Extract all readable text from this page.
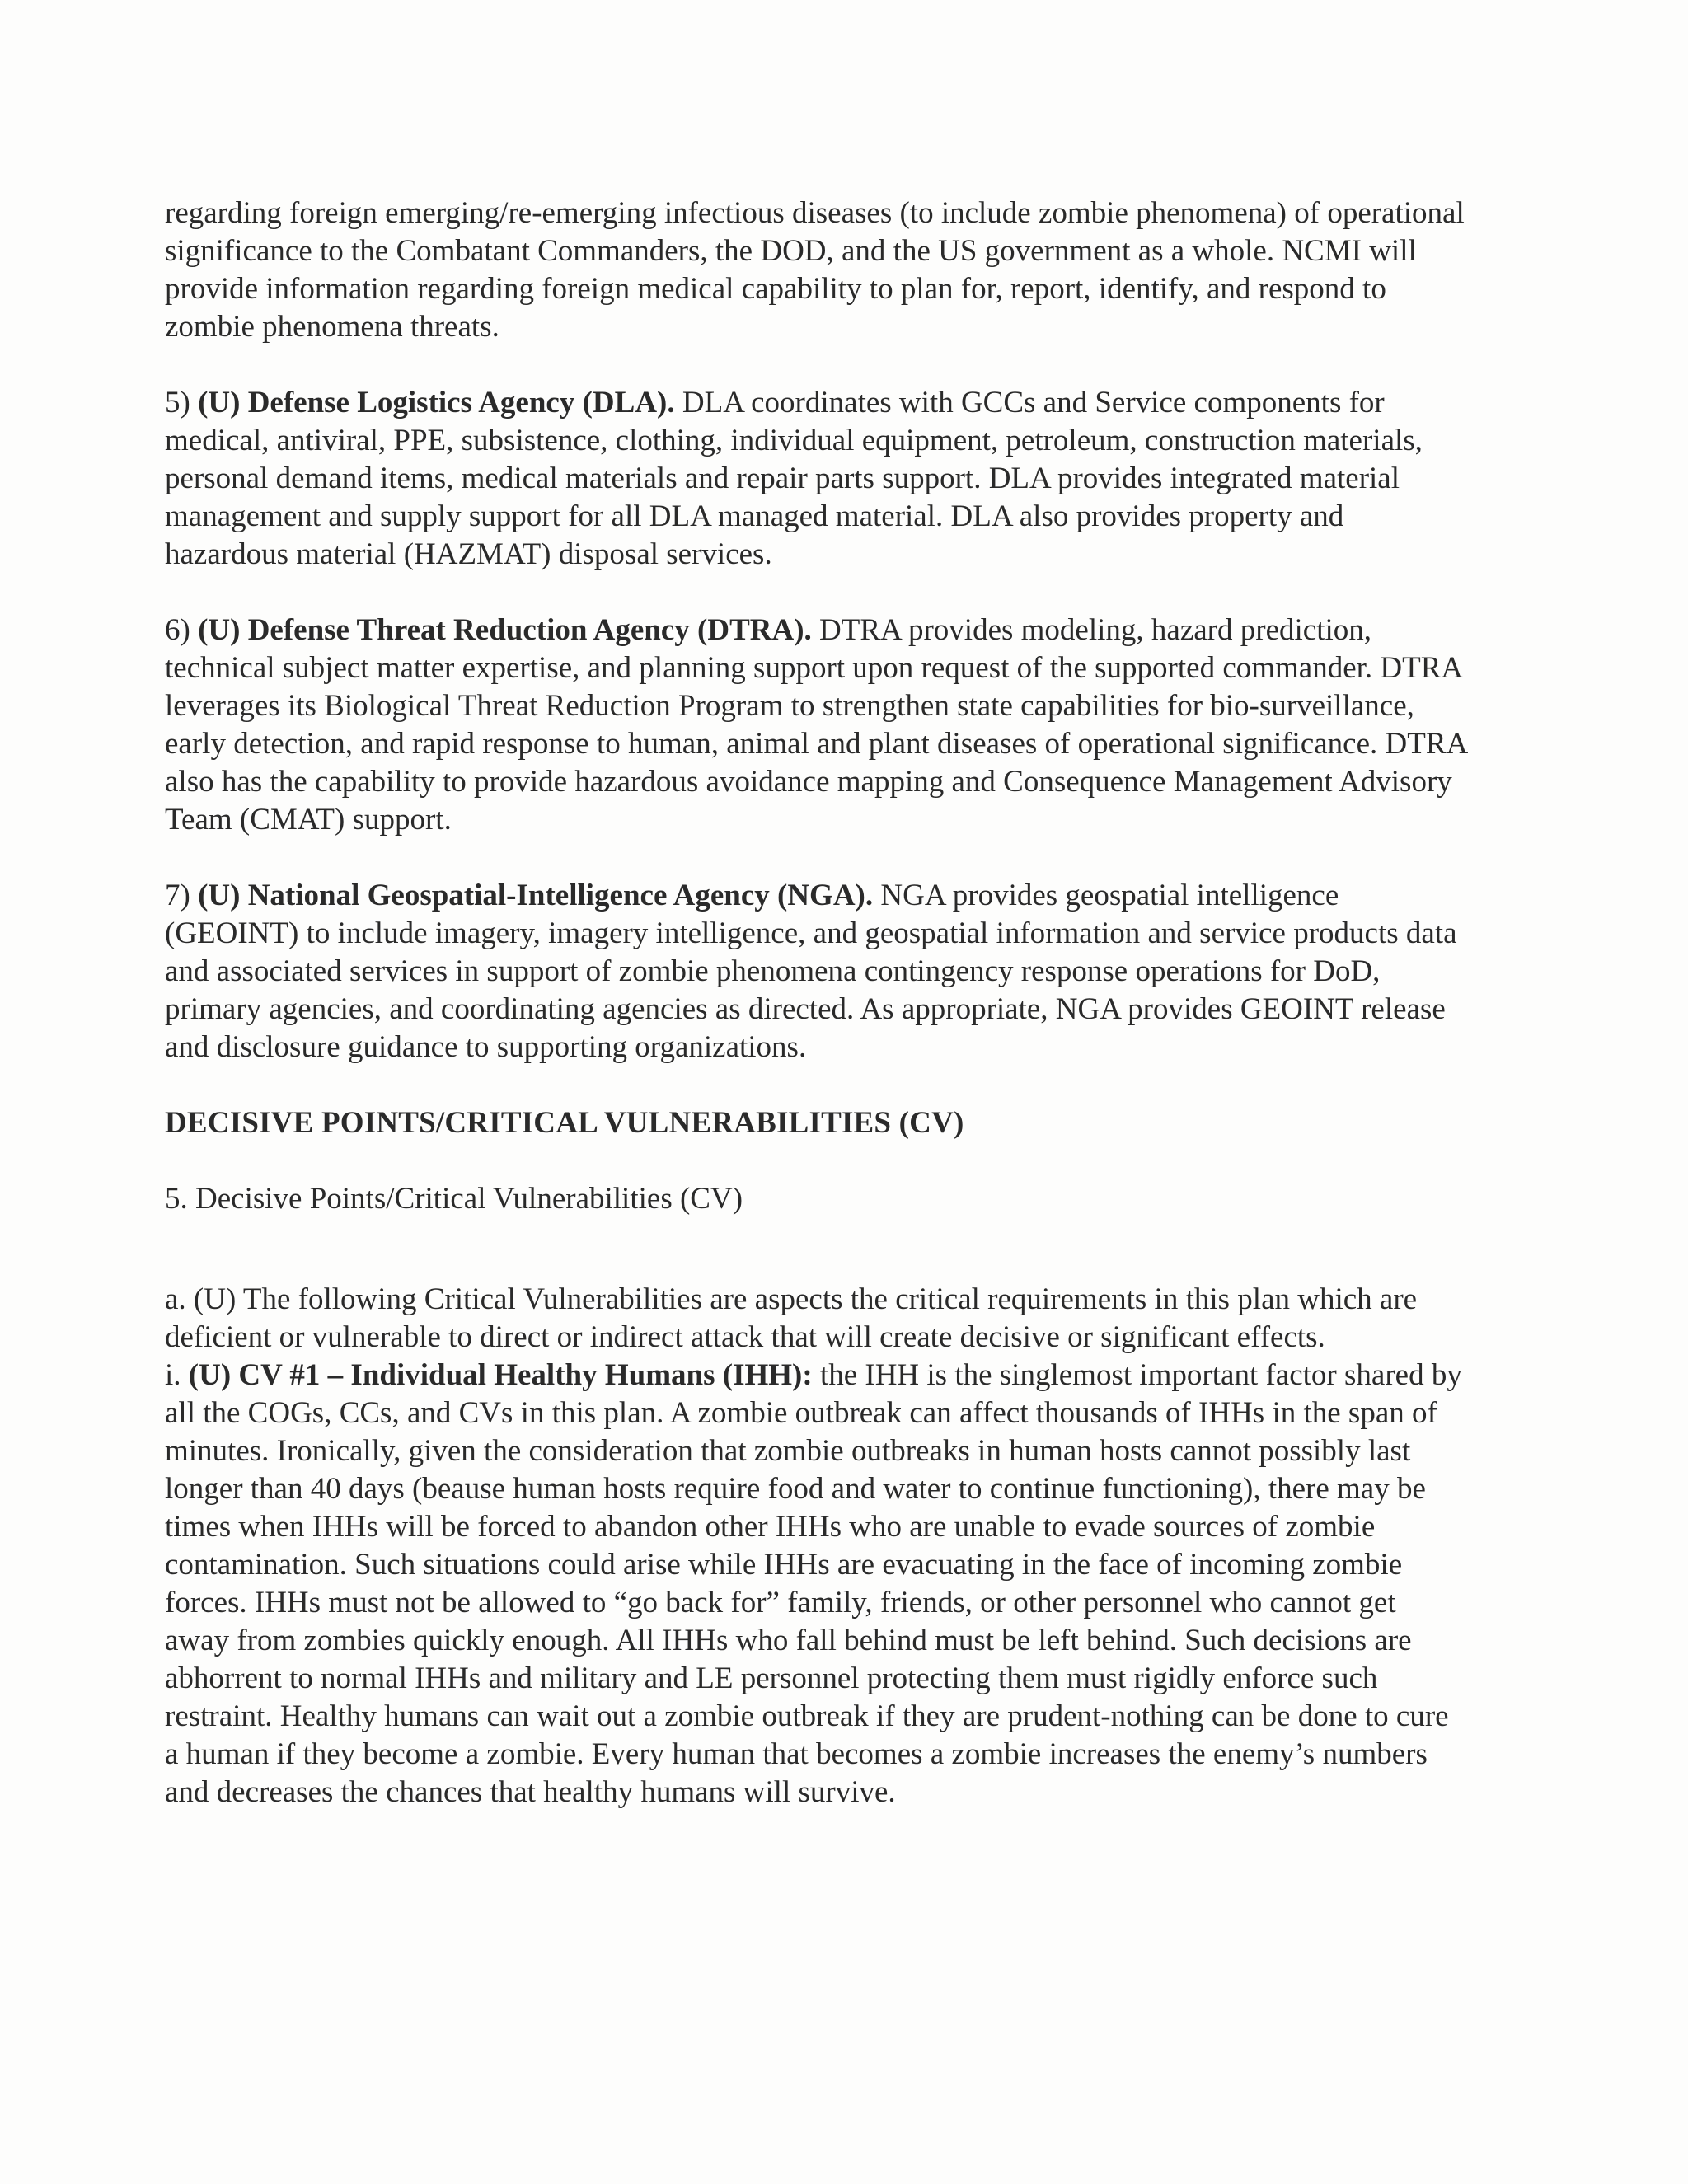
regarding foreign emerging/re-emerging infectious diseases (to include zombie phenomena) of operational significance to the Combatant Commanders, the DOD, and the US government as a whole. NCMI will provide information regarding foreign medical capability to plan for, report, identify, and respond to zombie phenomena threats.

5) (U) Defense Logistics Agency (DLA). DLA coordinates with GCCs and Service components for medical, antiviral, PPE, subsistence, clothing, individual equipment, petroleum, construction materials, personal demand items, medical materials and repair parts support. DLA provides integrated material management and supply support for all DLA managed material. DLA also provides property and hazardous material (HAZMAT) disposal services.

6) (U) Defense Threat Reduction Agency (DTRA). DTRA provides modeling, hazard prediction, technical subject matter expertise, and planning support upon request of the supported commander. DTRA leverages its Biological Threat Reduction Program to strengthen state capabilities for bio-surveillance, early detection, and rapid response to human, animal and plant diseases of operational significance. DTRA also has the capability to provide hazardous avoidance mapping and Consequence Management Advisory Team (CMAT) support.

7) (U) National Geospatial-Intelligence Agency (NGA). NGA provides geospatial intelligence (GEOINT) to include imagery, imagery intelligence, and geospatial information and service products data and associated services in support of zombie phenomena contingency response operations for DoD, primary agencies, and coordinating agencies as directed. As appropriate, NGA provides GEOINT release and disclosure guidance to supporting organizations.

DECISIVE POINTS/CRITICAL VULNERABILITIES (CV)

5. Decisive Points/Critical Vulnerabilities (CV)

a. (U) The following Critical Vulnerabilities are aspects the critical requirements in this plan which are deficient or vulnerable to direct or indirect attack that will create decisive or significant effects.

i. (U) CV #1 – Individual Healthy Humans (IHH): the IHH is the singlemost important factor shared by all the COGs, CCs, and CVs in this plan. A zombie outbreak can affect thousands of IHHs in the span of minutes. Ironically, given the consideration that zombie outbreaks in human hosts cannot possibly last longer than 40 days (beause human hosts require food and water to continue functioning), there may be times when IHHs will be forced to abandon other IHHs who are unable to evade sources of zombie contamination. Such situations could arise while IHHs are evacuating in the face of incoming zombie forces. IHHs must not be allowed to “go back for” family, friends, or other personnel who cannot get away from zombies quickly enough. All IHHs who fall behind must be left behind. Such decisions are abhorrent to normal IHHs and military and LE personnel protecting them must rigidly enforce such restraint. Healthy humans can wait out a zombie outbreak if they are prudent-nothing can be done to cure a human if they become a zombie. Every human that becomes a zombie increases the enemy’s numbers and decreases the chances that healthy humans will survive.
